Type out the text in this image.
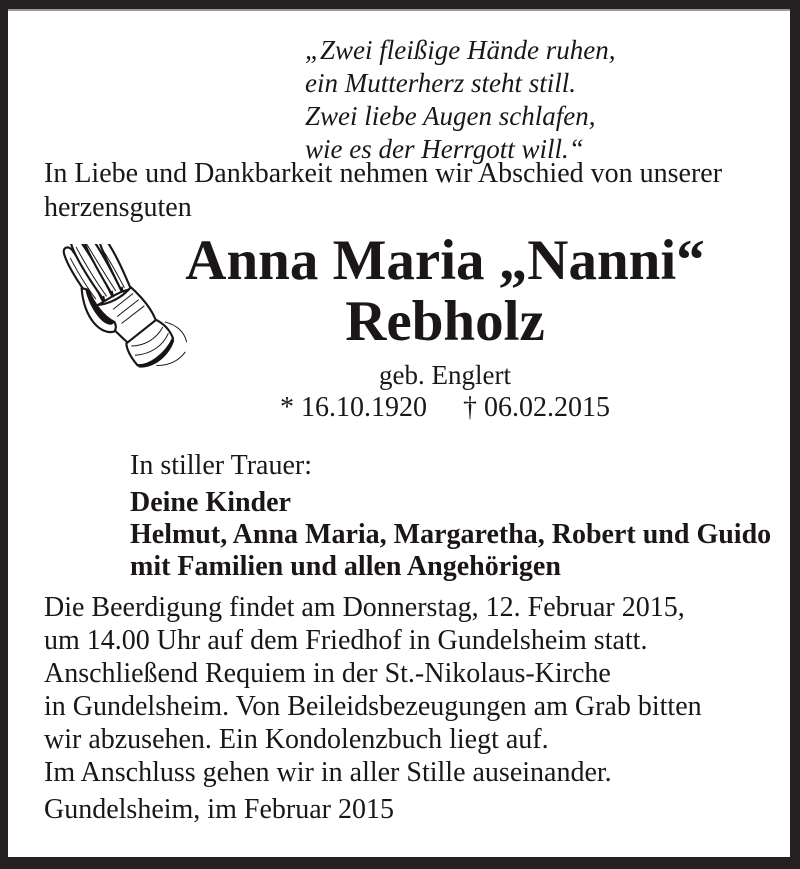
„Zwei fleißige Hände ruhen,
ein Mutterherz steht still.
Zwei liebe Augen schlafen,
wie es der Herrgott will.“
In Liebe und Dankbarkeit nehmen wir Abschied von unserer
herzensguten
Anna Maria „Nanni“
Rebholz
geb. Englert
* 16.10.1920 † 06.02.2015
In stiller Trauer:
Deine Kinder
Helmut, Anna Maria, Margaretha, Robert und Guido
mit Familien und allen Angehörigen
Die Beerdigung findet am Donnerstag, 12. Februar 2015,
um 14.00 Uhr auf dem Friedhof in Gundelsheim statt.
Anschließend Requiem in der St.-Nikolaus-Kirche
in Gundelsheim. Von Beileidsbezeugungen am Grab bitten
wir abzusehen. Ein Kondolenzbuch liegt auf.
Im Anschluss gehen wir in aller Stille auseinander.
Gundelsheim, im Februar 2015
